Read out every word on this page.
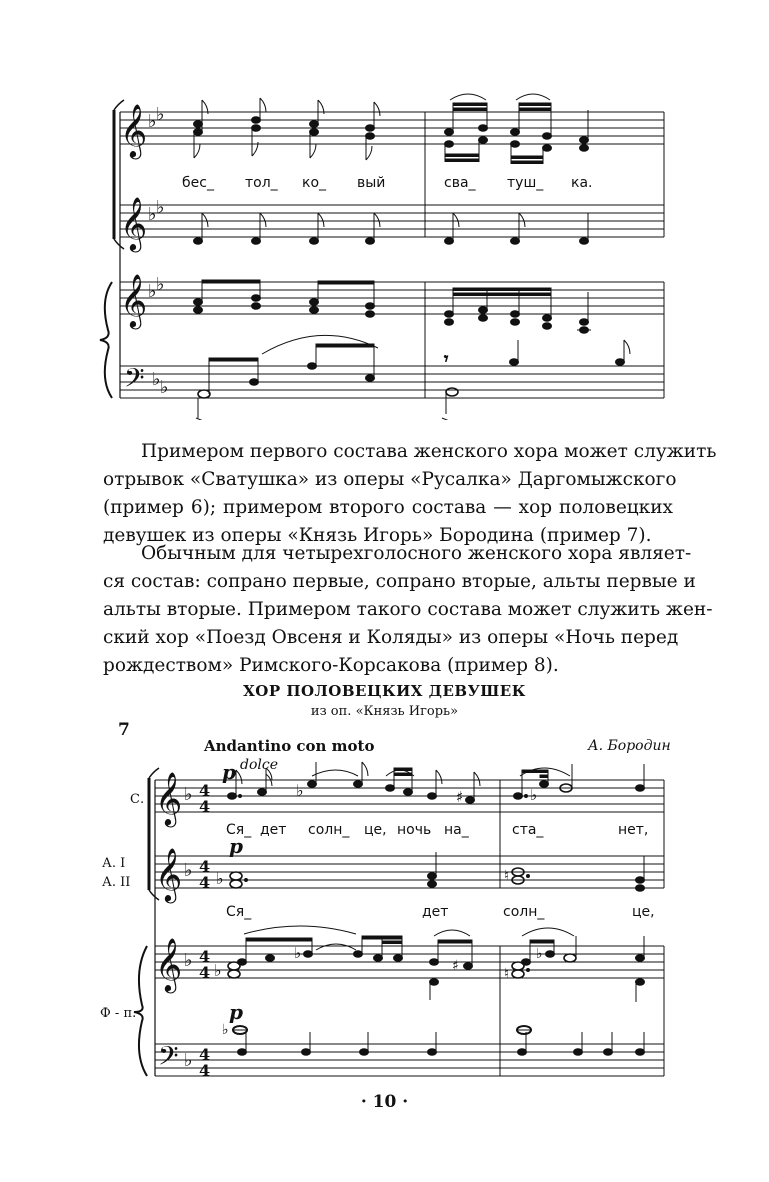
𝄞 ♭ ♭
𝄞 ♭ ♭
𝄞 ♭ ♭
𝄢 ♭ ♭
𝄾
бес_ тол_ ко_ вый	сва_ туш_ ка.
Примером первого состава женского хора может служить
отрывок «Сватушка» из оперы «Русалка» Даргомыжского
(пример 6); примером второго состава — хор половецких
девушек из оперы «Князь Игорь» Бородина (пример 7).
Обычным для четырехголосного женского хора являет-
ся состав: сопрано первые, сопрано вторые, альты первые и
альты вторые. Примером такого состава может служить жен-
ский хор «Поезд Овсеня и Коляды» из оперы «Ночь перед
рождеством» Римского-Корсакова (пример 8).
ХОР ПОЛОВЕЦКИХ ДЕВУШЕК
из оп. «Князь Игорь»
7
Andantino con moto	А. Бородин
dolce
p
p
p
С.
А. I
А. II
Ф - п.
𝄞 ♭ 4
4
𝄞 ♭ 4
4
𝄞 ♭ 4
4
𝄢 ♭ 4
4
♭	♯	♭
♭	♮
♭
♭
♯	♮
♭
♭
Ся_ дет солн_ це, ночь на_	ста_	нет,
Ся_	дет	солн_	це,
· 10 ·
